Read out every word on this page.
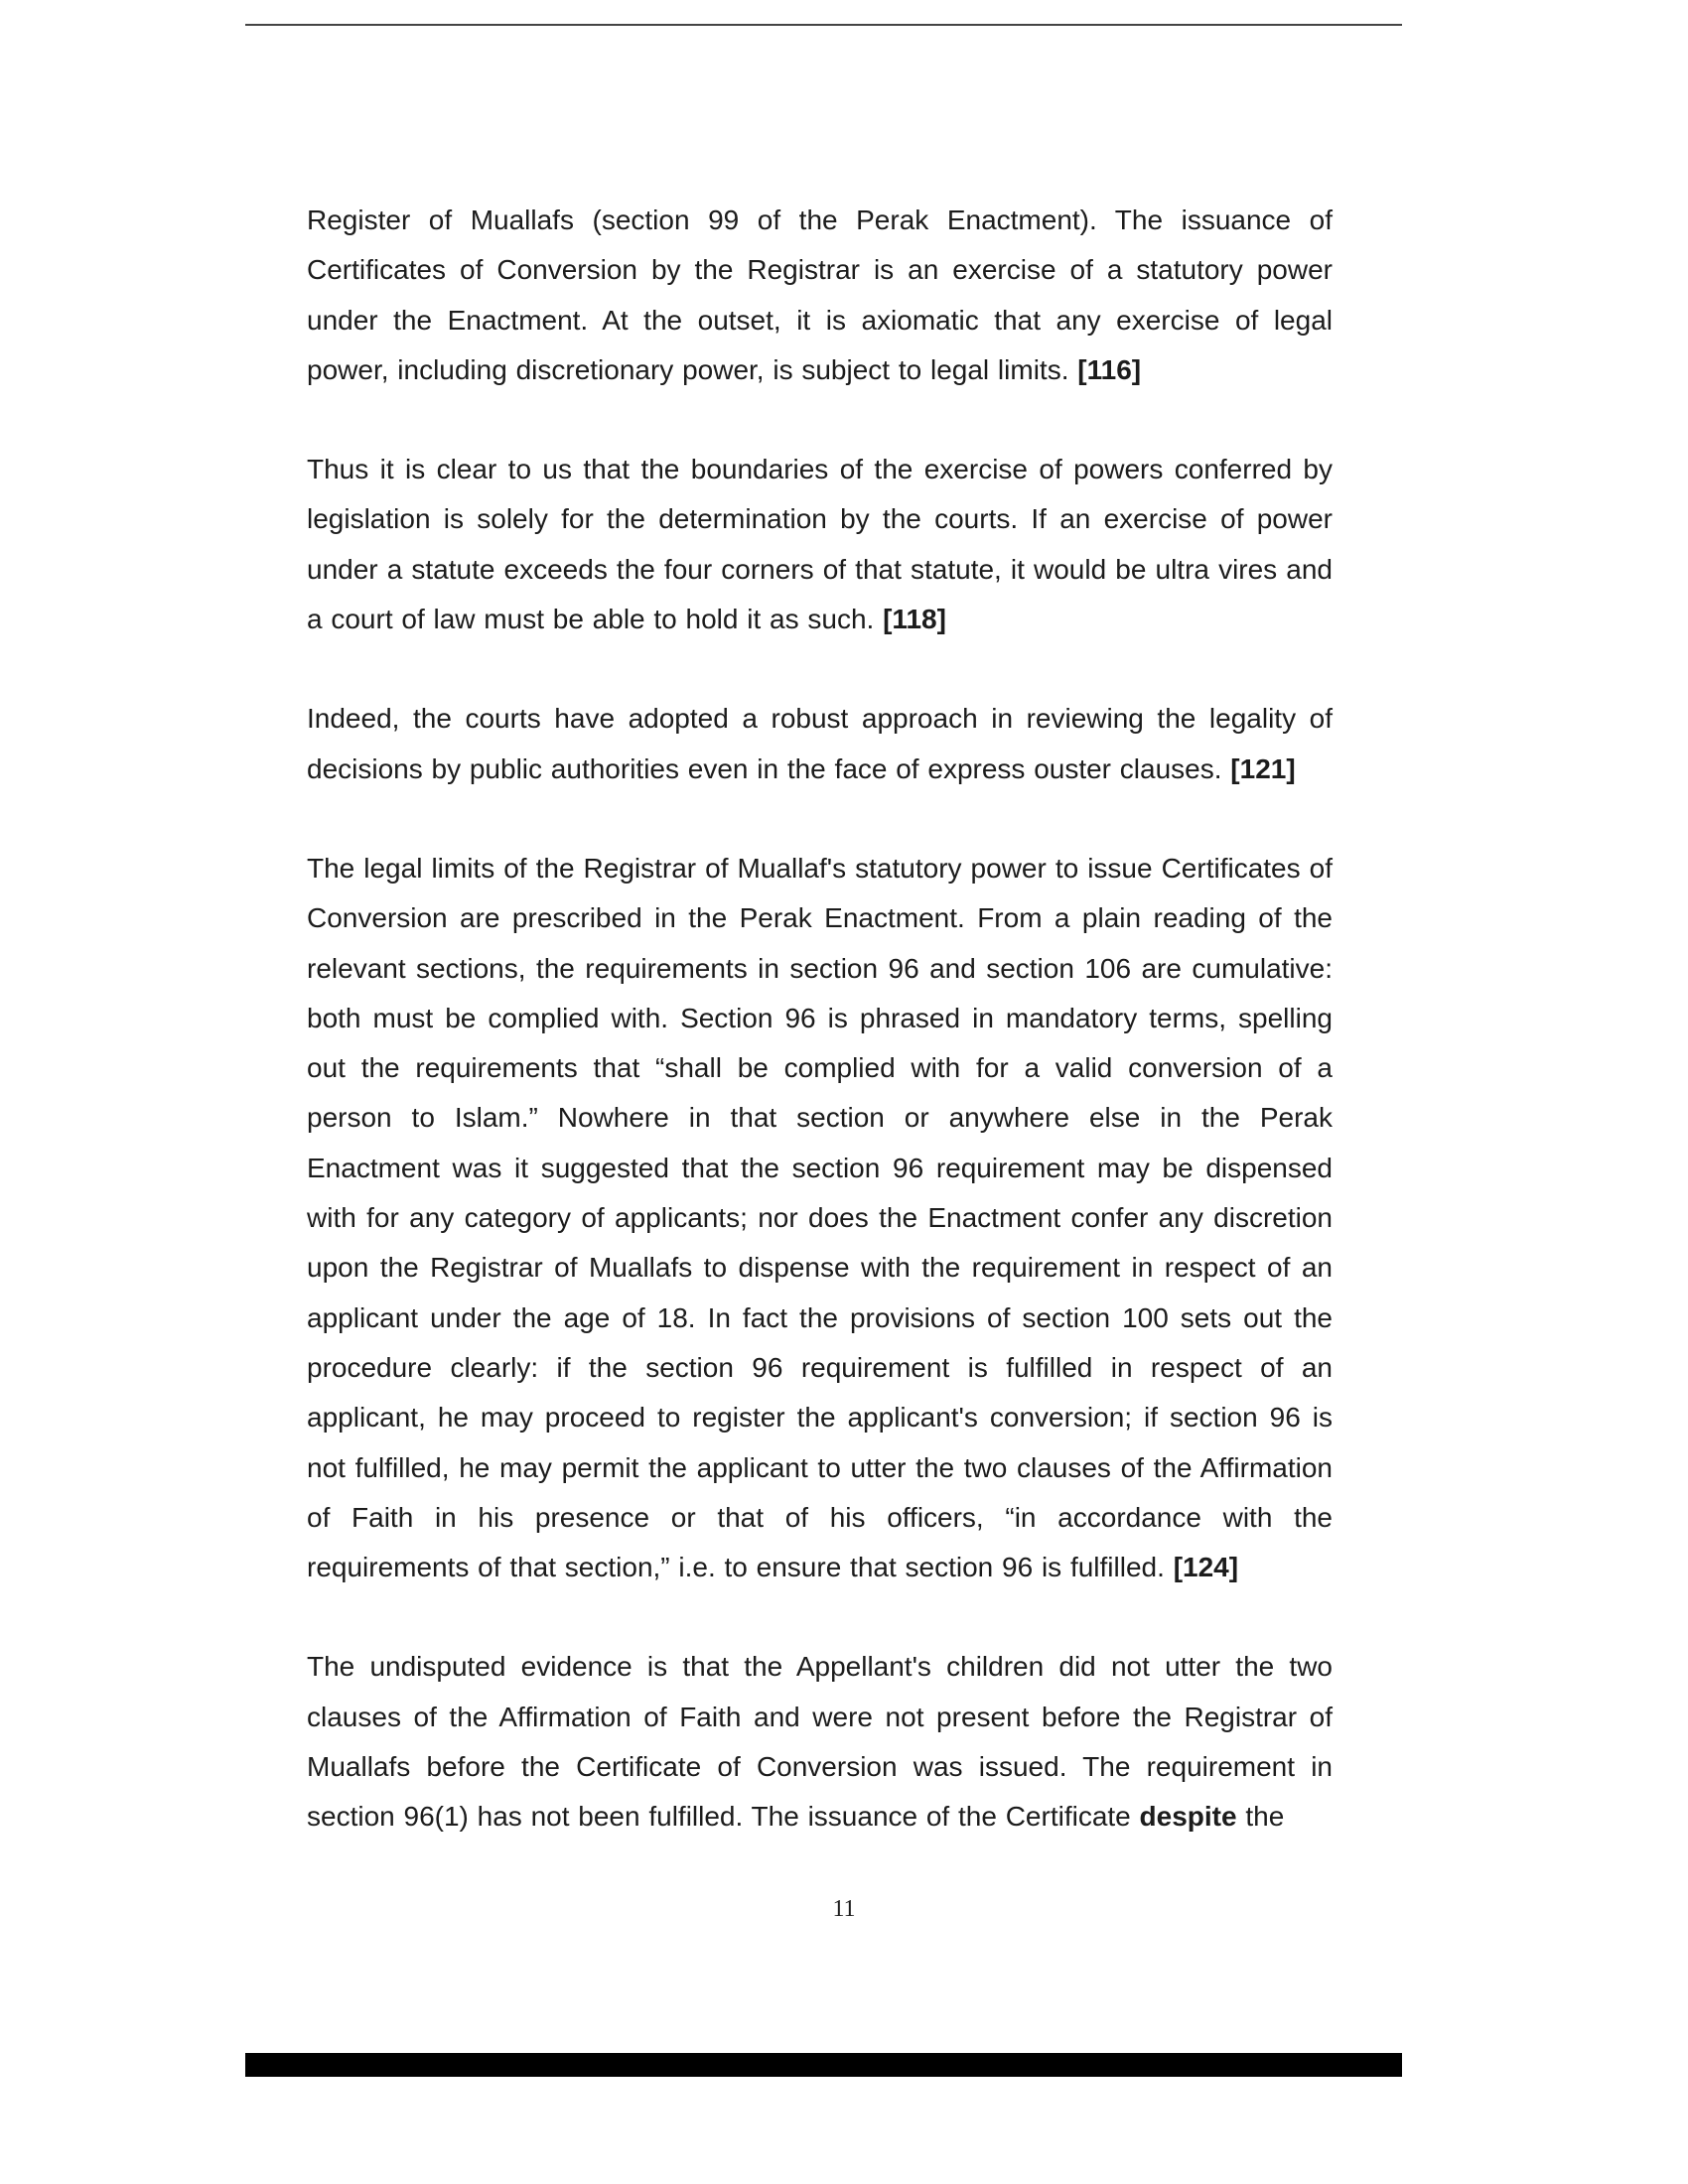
Register of Muallafs (section 99 of the Perak Enactment). The issuance of Certificates of Conversion by the Registrar is an exercise of a statutory power under the Enactment. At the outset, it is axiomatic that any exercise of legal power, including discretionary power, is subject to legal limits. [116]

Thus it is clear to us that the boundaries of the exercise of powers conferred by legislation is solely for the determination by the courts. If an exercise of power under a statute exceeds the four corners of that statute, it would be ultra vires and a court of law must be able to hold it as such. [118]

Indeed, the courts have adopted a robust approach in reviewing the legality of decisions by public authorities even in the face of express ouster clauses. [121]

The legal limits of the Registrar of Muallaf's statutory power to issue Certificates of Conversion are prescribed in the Perak Enactment. From a plain reading of the relevant sections, the requirements in section 96 and section 106 are cumulative: both must be complied with. Section 96 is phrased in mandatory terms, spelling out the requirements that “shall be complied with for a valid conversion of a person to Islam.” Nowhere in that section or anywhere else in the Perak Enactment was it suggested that the section 96 requirement may be dispensed with for any category of applicants; nor does the Enactment confer any discretion upon the Registrar of Muallafs to dispense with the requirement in respect of an applicant under the age of 18. In fact the provisions of section 100 sets out the procedure clearly: if the section 96 requirement is fulfilled in respect of an applicant, he may proceed to register the applicant's conversion; if section 96 is not fulfilled, he may permit the applicant to utter the two clauses of the Affirmation of Faith in his presence or that of his officers, “in accordance with the requirements of that section,” i.e. to ensure that section 96 is fulfilled. [124]

The undisputed evidence is that the Appellant's children did not utter the two clauses of the Affirmation of Faith and were not present before the Registrar of Muallafs before the Certificate of Conversion was issued. The requirement in section 96(1) has not been fulfilled. The issuance of the Certificate despite the

11
